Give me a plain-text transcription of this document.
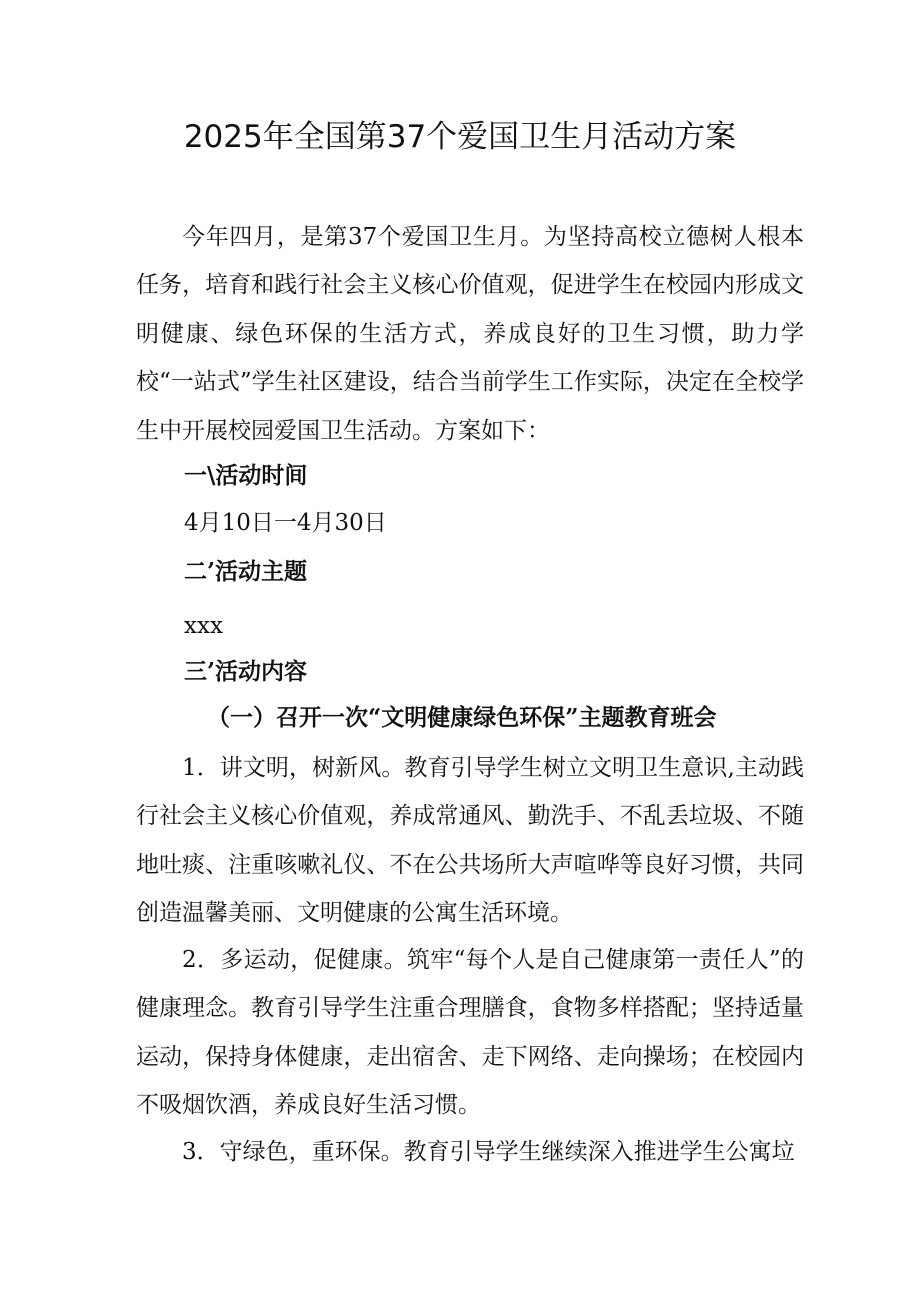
2025年全国第37个爱国卫生月活动方案

今年四月，是第37个爱国卫生月。为坚持高校立德树人根本任务，培育和践行社会主义核心价值观，促进学生在校园内形成文明健康、绿色环保的生活方式，养成良好的卫生习惯，助力学校“一站式”学生社区建设，结合当前学生工作实际，决定在全校学生中开展校园爱国卫生活动。方案如下：

一\活动时间

4月10日一4月30日

二’活动主题

xxx

三’活动内容

（一）召开一次“文明健康绿色环保”主题教育班会

1．讲文明，树新风。教育引导学生树立文明卫生意识,主动践行社会主义核心价值观，养成常通风、勤洗手、不乱丢垃圾、不随地吐痰、注重咳嗽礼仪、不在公共场所大声喧哗等良好习惯，共同创造温馨美丽、文明健康的公寓生活环境。

2．多运动，促健康。筑牢“每个人是自己健康第一责任人”的健康理念。教育引导学生注重合理膳食，食物多样搭配；坚持适量运动，保持身体健康，走出宿舍、走下网络、走向操场；在校园内不吸烟饮酒，养成良好生活习惯。

3．守绿色，重环保。教育引导学生继续深入推进学生公寓垃
